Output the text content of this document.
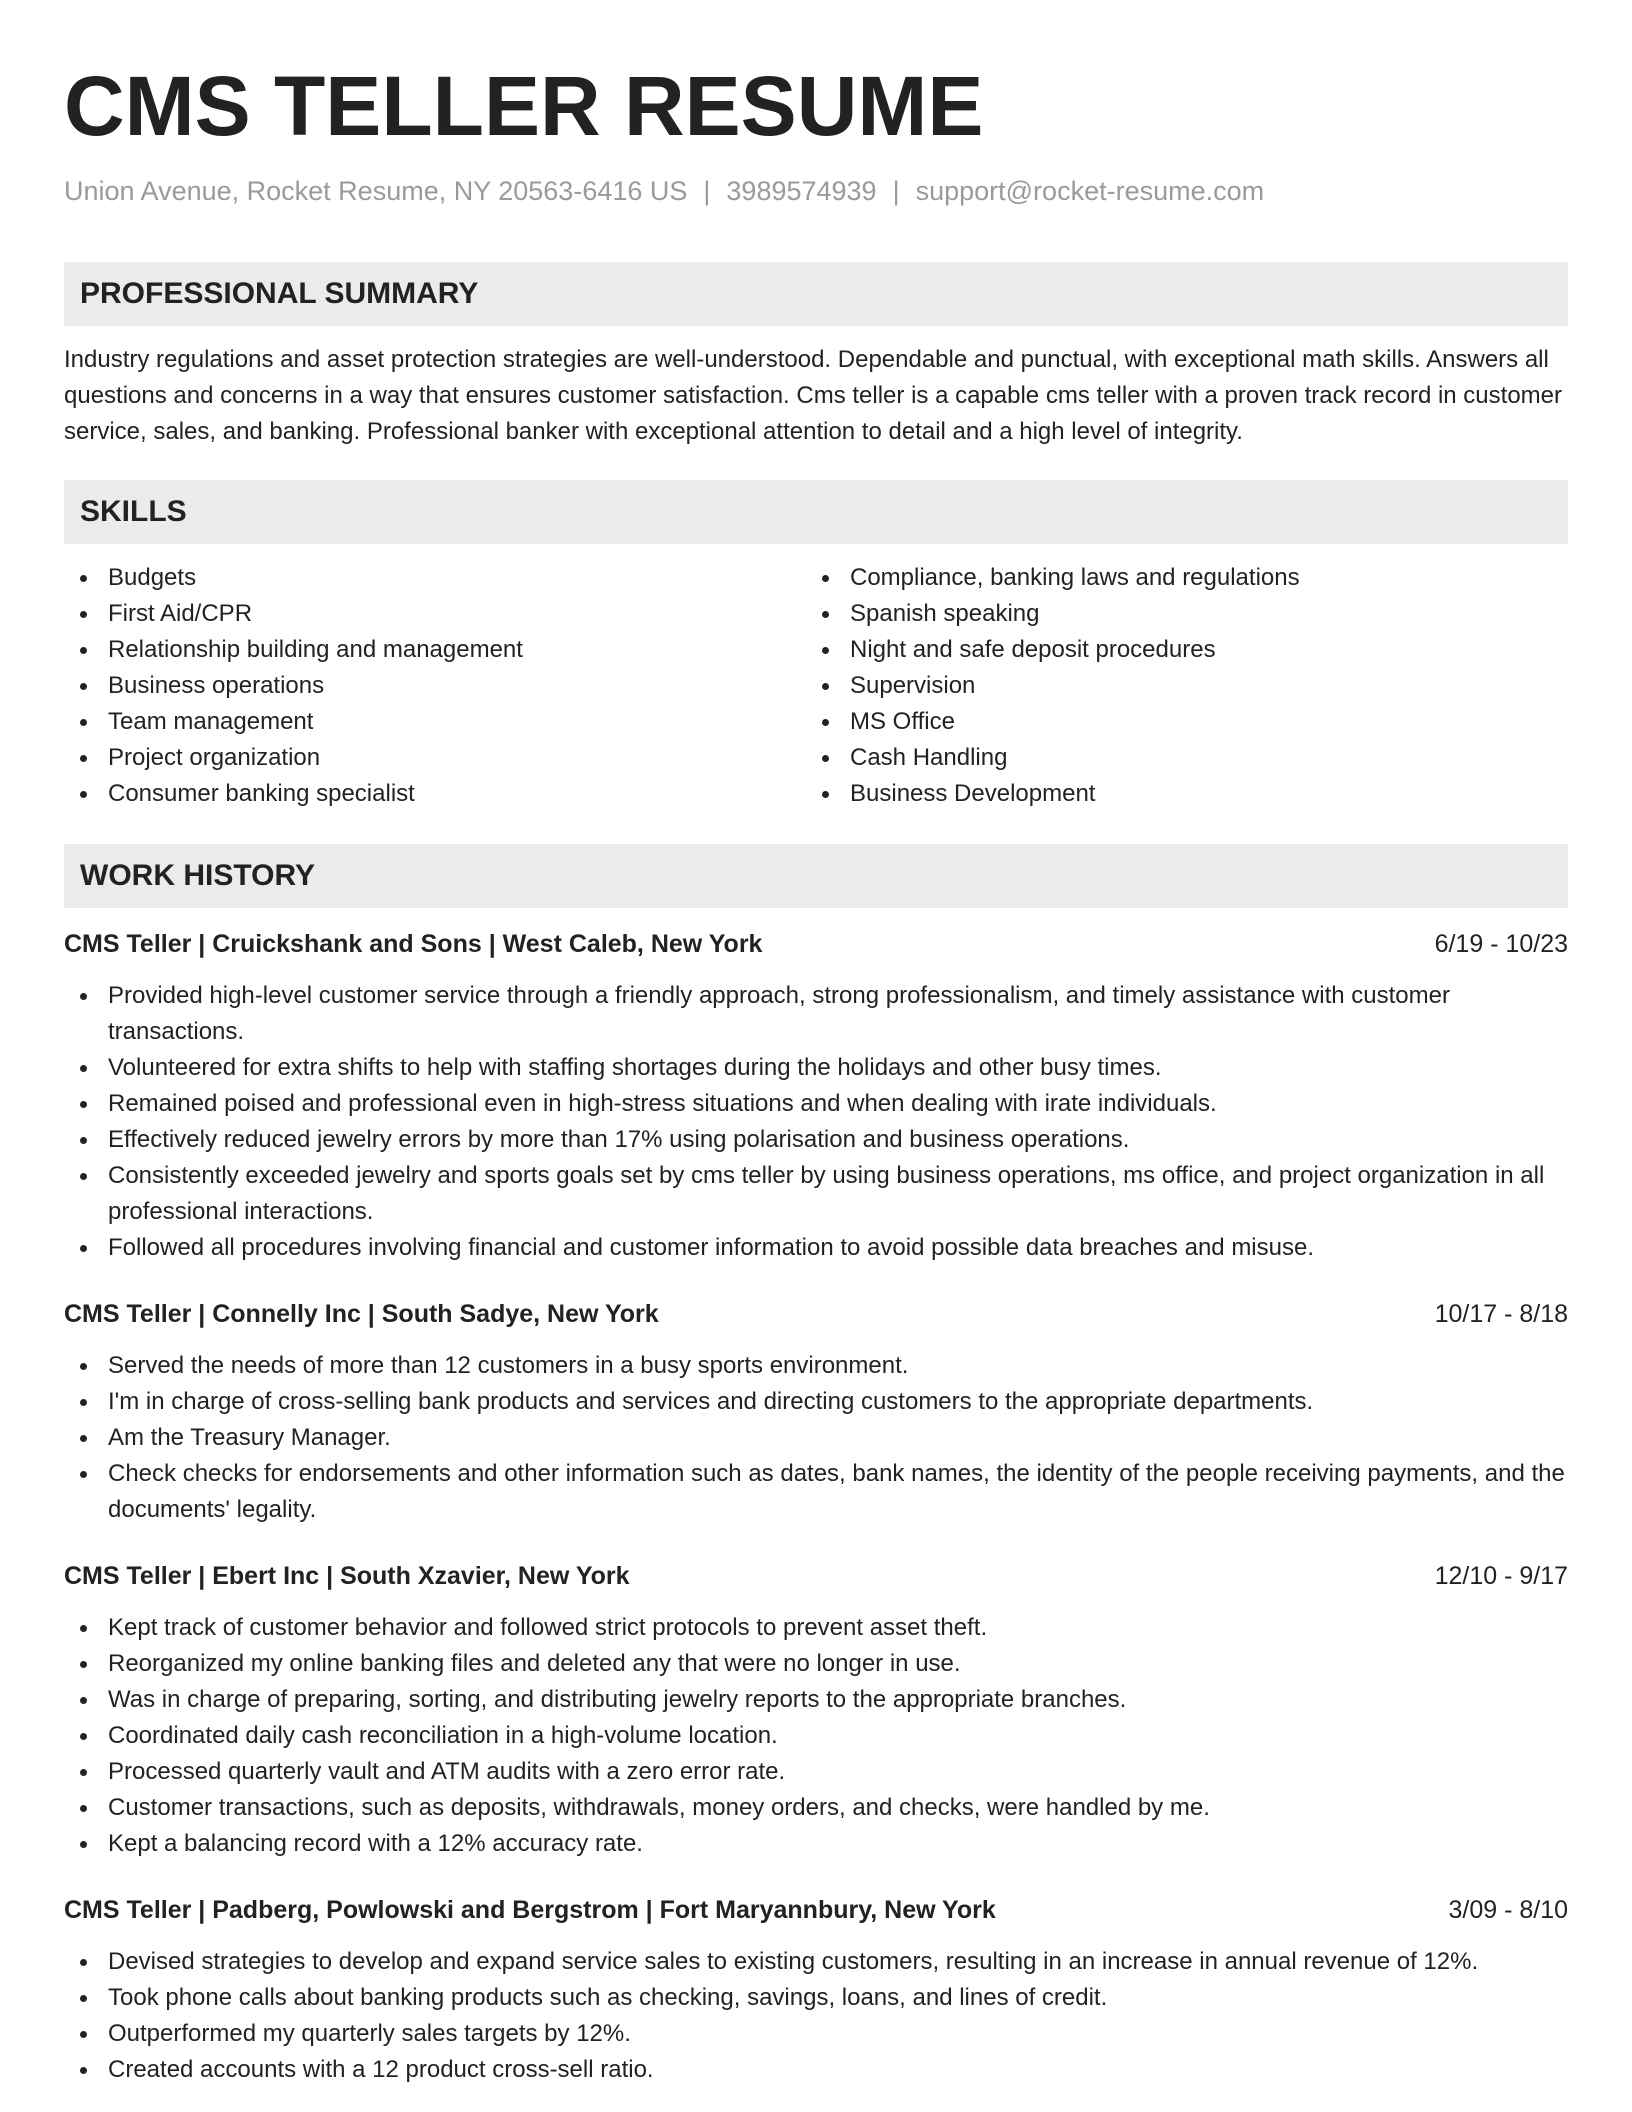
CMS TELLER RESUME
Union Avenue, Rocket Resume, NY 20563-6416 US | 3989574939 | support@rocket-resume.com
PROFESSIONAL SUMMARY
Industry regulations and asset protection strategies are well-understood. Dependable and punctual, with exceptional math skills. Answers all questions and concerns in a way that ensures customer satisfaction. Cms teller is a capable cms teller with a proven track record in customer service, sales, and banking. Professional banker with exceptional attention to detail and a high level of integrity.
SKILLS
Budgets
First Aid/CPR
Relationship building and management
Business operations
Team management
Project organization
Consumer banking specialist
Compliance, banking laws and regulations
Spanish speaking
Night and safe deposit procedures
Supervision
MS Office
Cash Handling
Business Development
WORK HISTORY
CMS Teller | Cruickshank and Sons | West Caleb, New York	6/19 - 10/23
Provided high-level customer service through a friendly approach, strong professionalism, and timely assistance with customer transactions.
Volunteered for extra shifts to help with staffing shortages during the holidays and other busy times.
Remained poised and professional even in high-stress situations and when dealing with irate individuals.
Effectively reduced jewelry errors by more than 17% using polarisation and business operations.
Consistently exceeded jewelry and sports goals set by cms teller by using business operations, ms office, and project organization in all professional interactions.
Followed all procedures involving financial and customer information to avoid possible data breaches and misuse.
CMS Teller | Connelly Inc | South Sadye, New York	10/17 - 8/18
Served the needs of more than 12 customers in a busy sports environment.
I'm in charge of cross-selling bank products and services and directing customers to the appropriate departments.
Am the Treasury Manager.
Check checks for endorsements and other information such as dates, bank names, the identity of the people receiving payments, and the documents' legality.
CMS Teller | Ebert Inc | South Xzavier, New York	12/10 - 9/17
Kept track of customer behavior and followed strict protocols to prevent asset theft.
Reorganized my online banking files and deleted any that were no longer in use.
Was in charge of preparing, sorting, and distributing jewelry reports to the appropriate branches.
Coordinated daily cash reconciliation in a high-volume location.
Processed quarterly vault and ATM audits with a zero error rate.
Customer transactions, such as deposits, withdrawals, money orders, and checks, were handled by me.
Kept a balancing record with a 12% accuracy rate.
CMS Teller | Padberg, Powlowski and Bergstrom | Fort Maryannbury, New York	3/09 - 8/10
Devised strategies to develop and expand service sales to existing customers, resulting in an increase in annual revenue of 12%.
Took phone calls about banking products such as checking, savings, loans, and lines of credit.
Outperformed my quarterly sales targets by 12%.
Created accounts with a 12 product cross-sell ratio.
